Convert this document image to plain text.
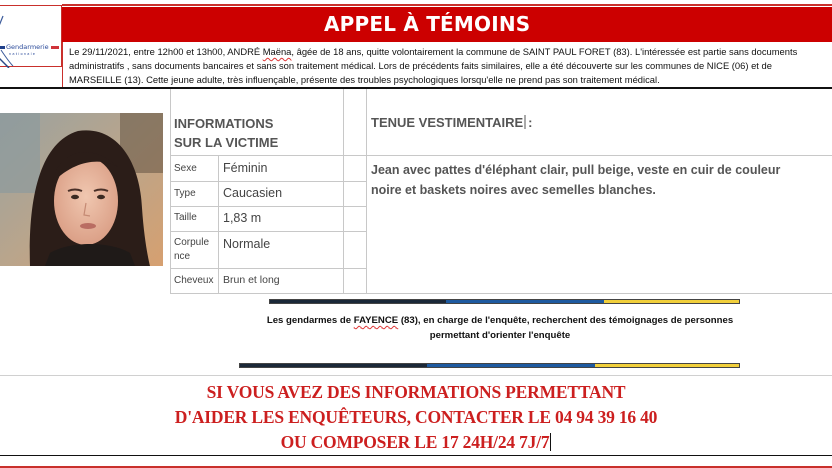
Gendarmerie
nationale
APPEL À TÉMOINS
Le 29/11/2021, entre 12h00 et 13h00, ANDRÉ Maëna, âgée de 18 ans, quitte volontairement la commune de SAINT PAUL FORET (83). L'intéressée est partie sans documents
administratifs , sans documents bancaires et sans son traitement médical. Lors de précédents faits similaires, elle a été découverte sur les communes de NICE (06) et de
MARSEILLE (13). Cette jeune adulte, très influençable, présente des troubles psychologiques lorsqu'elle ne prend pas son traitement médical.
INFORMATIONS
SUR LA VICTIME
Sexe Féminin
Type Caucasien
Taille 1,83 m
Corpule
nce
Normale
Cheveux Brun et long
TENUE VESTIMENTAIRE :
Jean avec pattes d'éléphant clair, pull beige, veste en cuir de couleur
noire et baskets noires avec semelles blanches.
Les gendarmes de FAYENCE (83), en charge de l'enquête, recherchent des témoignages de personnes
permettant d'orienter l'enquête
SI VOUS AVEZ DES INFORMATIONS PERMETTANT
D'AIDER LES ENQUÊTEURS, CONTACTER LE 04 94 39 16 40
OU COMPOSER LE 17 24H/24 7J/7
